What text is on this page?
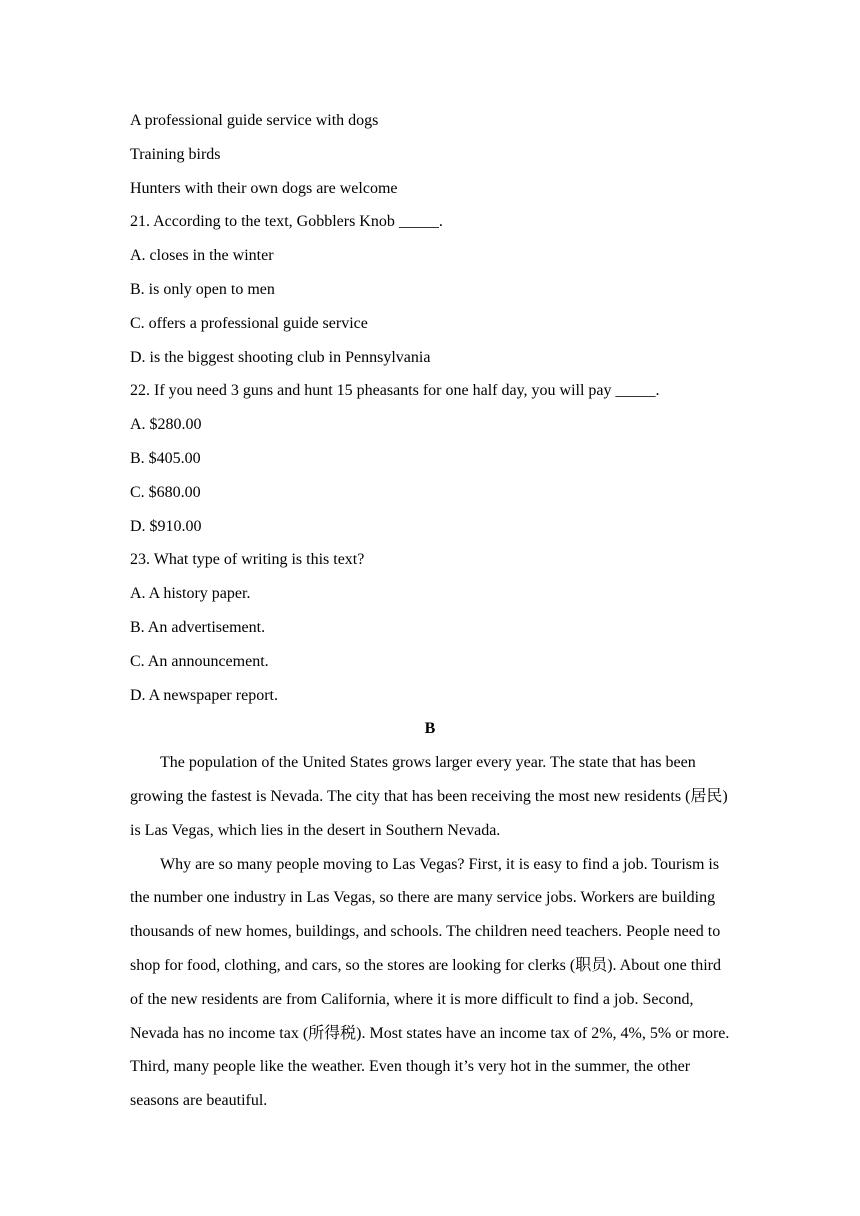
A professional guide service with dogs
Training birds
Hunters with their own dogs are welcome
21. According to the text, Gobblers Knob _____.
A. closes in the winter
B. is only open to men
C. offers a professional guide service
D. is the biggest shooting club in Pennsylvania
22. If you need 3 guns and hunt 15 pheasants for one half day, you will pay _____.
A. $280.00
B. $405.00
C. $680.00
D. $910.00
23. What type of writing is this text?
A. A history paper.
B. An advertisement.
C. An announcement.
D. A newspaper report.
B

The population of the United States grows larger every year. The state that has been growing the fastest is Nevada. The city that has been receiving the most new residents (居民) is Las Vegas, which lies in the desert in Southern Nevada.

Why are so many people moving to Las Vegas? First, it is easy to find a job. Tourism is the number one industry in Las Vegas, so there are many service jobs. Workers are building thousands of new homes, buildings, and schools. The children need teachers. People need to shop for food, clothing, and cars, so the stores are looking for clerks (职员). About one third of the new residents are from California, where it is more difficult to find a job. Second, Nevada has no income tax (所得税). Most states have an income tax of 2%, 4%, 5% or more. Third, many people like the weather. Even though it’s very hot in the summer, the other seasons are beautiful.
